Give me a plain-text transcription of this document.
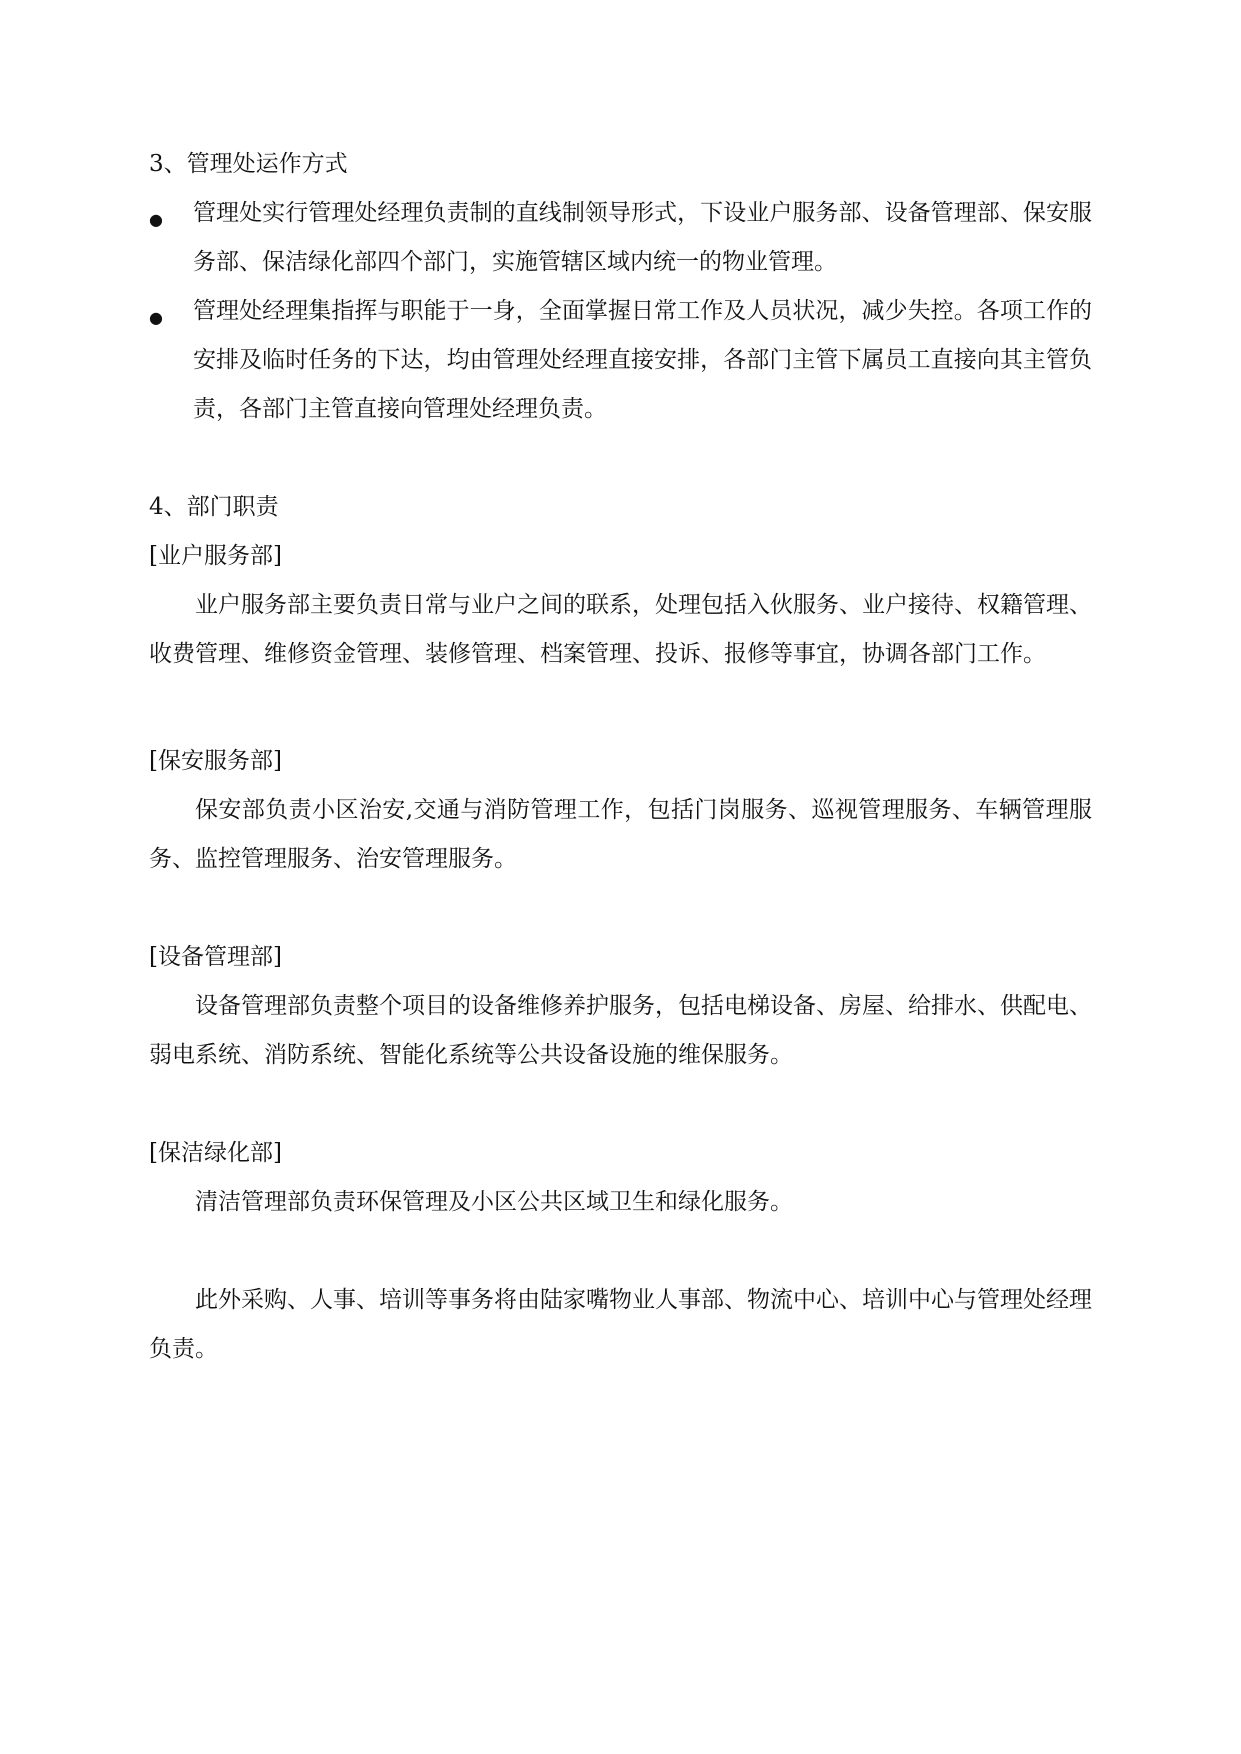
3、管理处运作方式

● 管理处实行管理处经理负责制的直线制领导形式，下设业户服务部、设备管理部、保安服务部、保洁绿化部四个部门，实施管辖区域内统一的物业管理。
● 管理处经理集指挥与职能于一身，全面掌握日常工作及人员状况，减少失控。各项工作的安排及临时任务的下达，均由管理处经理直接安排，各部门主管下属员工直接向其主管负责，各部门主管直接向管理处经理负责。

4、部门职责

[业户服务部]

业户服务部主要负责日常与业户之间的联系，处理包括入伙服务、业户接待、权籍管理、收费管理、维修资金管理、装修管理、档案管理、投诉、报修等事宜，协调各部门工作。

[保安服务部]

保安部负责小区治安,交通与消防管理工作，包括门岗服务、巡视管理服务、车辆管理服务、监控管理服务、治安管理服务。

[设备管理部]

设备管理部负责整个项目的设备维修养护服务，包括电梯设备、房屋、给排水、供配电、弱电系统、消防系统、智能化系统等公共设备设施的维保服务。

[保洁绿化部]

清洁管理部负责环保管理及小区公共区域卫生和绿化服务。

此外采购、人事、培训等事务将由陆家嘴物业人事部、物流中心、培训中心与管理处经理负责。
